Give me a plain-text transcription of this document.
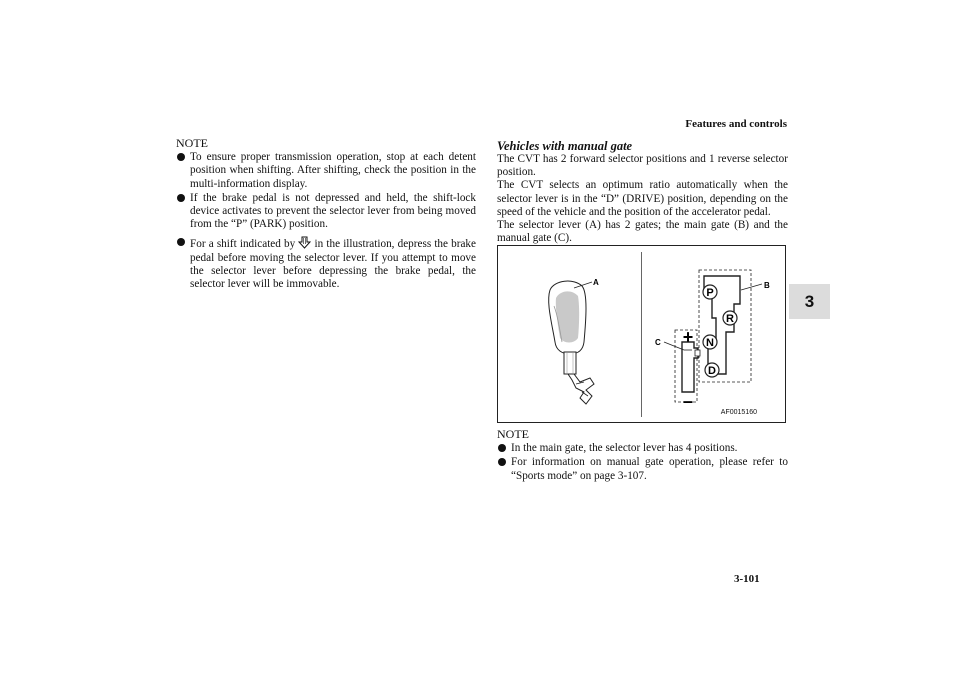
Features and controls
3
NOTE
To ensure proper transmission operation, stop at each detent position when shifting. After shifting, check the position in the multi-information display.
If the brake pedal is not depressed and held, the shift-lock device activates to prevent the selector lever from being moved from the “P” (PARK) position.
For a shift indicated by in the illustration, depress the brake pedal before moving the selector lever. If you attempt to move the selector lever before depressing the brake pedal, the selector lever will be immovable.
Vehicles with manual gate
The CVT has 2 forward selector positions and 1 reverse selector position.
The CVT selects an optimum ratio automatically when the selector lever is in the “D” (DRIVE) position, depending on the speed of the vehicle and the position of the accelerator pedal.
The selector lever (A) has 2 gates; the main gate (B) and the manual gate (C).
A	B
C
P
R
N
D
+
–
AF0015160
NOTE
In the main gate, the selector lever has 4 positions.
For information on manual gate operation, please refer to “Sports mode” on page 3-107.
3-101
